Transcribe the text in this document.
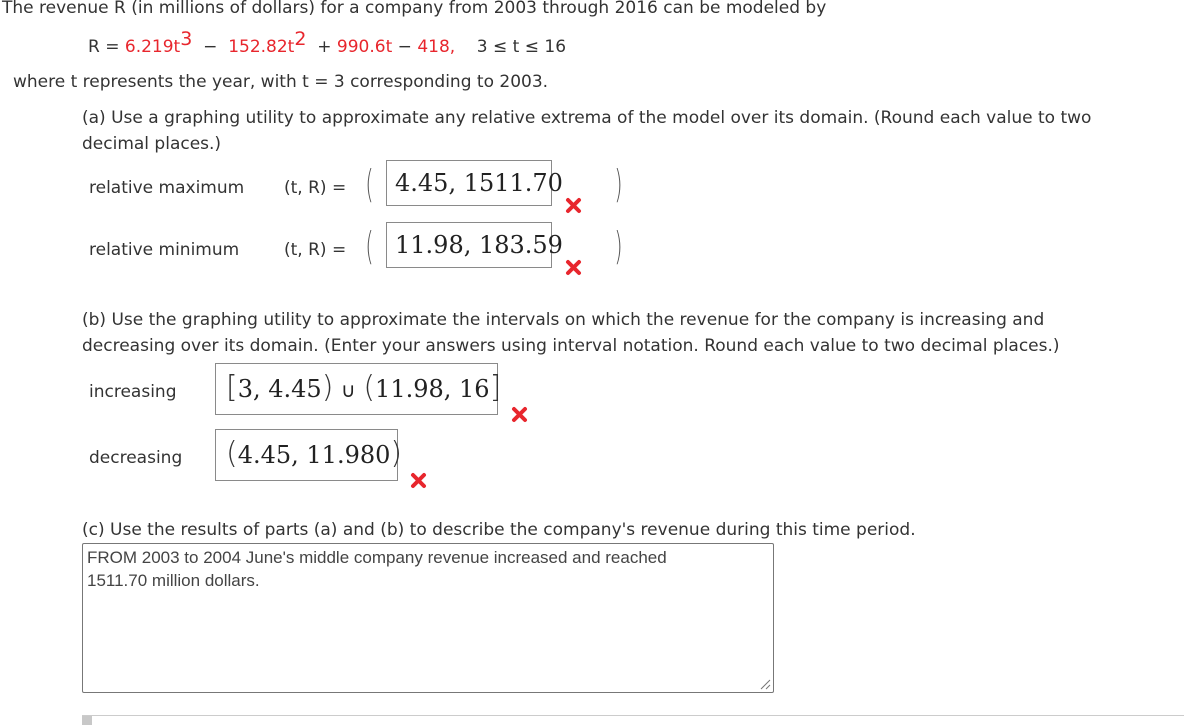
The revenue R (in millions of dollars) for a company from 2003 through 2016 can be modeled by
R = 6.219t3 − 152.82t2 + 990.6t − 418, 3 ≤ t ≤ 16
where t represents the year, with t = 3 corresponding to 2003.
(a) Use a graphing utility to approximate any relative extrema of the model over its domain. (Round each value to two
decimal places.)
relative maximum (t, R) = ( 4.45, 1511.70 )
relative minimum	(t, R) = ( 11.98, 183.59 )
(b) Use the graphing utility to approximate the intervals on which the revenue for the company is increasing and
decreasing over its domain. (Enter your answers using interval notation. Round each value to two decimal places.)
increasing	[3, 4.45) ∪ (11.98, 16]
decreasing	(4.45, 11.980)
(c) Use the results of parts (a) and (b) to describe the company's revenue during this time period.
FROM 2003 to 2004 June's middle company revenue increased and reached 1511.70 million dollars.
